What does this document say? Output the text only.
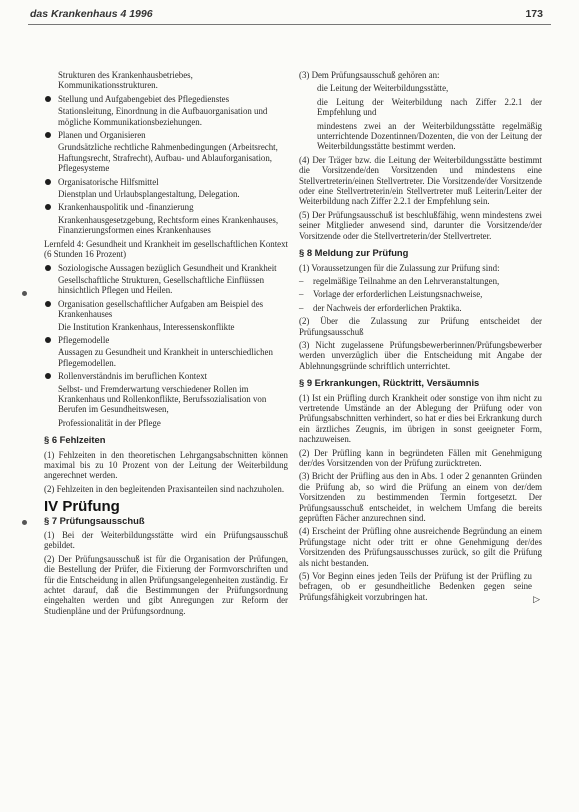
das Krankenhaus 4 1996	173
Strukturen des Krankenhausbetriebes,
Kommunikationsstrukturen.
Stellung und Aufgabengebiet des Pflegedienstes
Stationsleitung, Einordnung in die Aufbauorganisation und mögliche Kommunikationsbeziehungen.
Planen und Organisieren
Grundsätzliche rechtliche Rahmenbedingungen (Arbeitsrecht, Haftungsrecht, Strafrecht), Aufbau- und Ablauforganisation, Pflegesysteme
Organisatorische Hilfsmittel
Dienstplan und Urlaubsplangestaltung, Delegation.
Krankenhauspolitik und -finanzierung
Krankenhausgesetzgebung, Rechtsform eines Krankenhauses, Finanzierungsformen eines Krankenhauses
Lernfeld 4: Gesundheit und Krankheit im gesellschaftlichen Kontext (6 Stunden 16 Prozent)
Soziologische Aussagen bezüglich Gesundheit und Krankheit
Gesellschaftliche Strukturen, Gesellschaftliche Einflüssen hinsichtlich Pflegen und Heilen.
Organisation gesellschaftlicher Aufgaben am Beispiel des Krankenhauses
Die Institution Krankenhaus, Interessenskonflikte
Pflegemodelle
Aussagen zu Gesundheit und Krankheit in unterschiedlichen Pflegemodellen.
Rollenverständnis im beruflichen Kontext
Selbst- und Fremderwartung verschiedener Rollen im Krankenhaus und Rollenkonflikte, Berufssozialisation von Berufen im Gesundheitswesen,
Professionalität in der Pflege
§ 6 Fehlzeiten
(1) Fehlzeiten in den theoretischen Lehrgangsabschnitten können maximal bis zu 10 Prozent von der Leitung der Weiterbildung angerechnet werden.
(2) Fehlzeiten in den begleitenden Praxisanteilen sind nachzuholen.
IV Prüfung
§ 7 Prüfungsausschuß
(1) Bei der Weiterbildungsstätte wird ein Prüfungsausschuß gebildet.
(2) Der Prüfungsausschuß ist für die Organisation der Prüfungen, die Bestellung der Prüfer, die Fixierung der Formvorschriften und für die Entscheidung in allen Prüfungsangelegenheiten zuständig. Er achtet darauf, daß die Bestimmungen der Prüfungsordnung eingehalten werden und gibt Anregungen zur Reform der Studienpläne und der Prüfungsordnung.
(3) Dem Prüfungsausschuß gehören an:
die Leitung der Weiterbildungsstätte,
die Leitung der Weiterbildung nach Ziffer 2.2.1 der Empfehlung und
mindestens zwei an der Weiterbildungsstätte regelmäßig unterrichtende Dozentinnen/Dozenten, die von der Leitung der Weiterbildungsstätte bestimmt werden.
(4) Der Träger bzw. die Leitung der Weiterbildungsstätte bestimmt die Vorsitzende/den Vorsitzenden und mindestens eine Stellvertreterin/einen Stellvertreter. Die Vorsitzende/der Vorsitzende oder eine Stellvertreterin/ein Stellvertreter muß Leiterin/Leiter der Weiterbildung nach Ziffer 2.2.1 der Empfehlung sein.
(5) Der Prüfungsausschuß ist beschlußfähig, wenn mindestens zwei seiner Mitglieder anwesend sind, darunter die Vorsitzende/der Vorsitzende oder die Stellvertreterin/der Stellvertreter.
§ 8 Meldung zur Prüfung
(1) Voraussetzungen für die Zulassung zur Prüfung sind:
– regelmäßige Teilnahme an den Lehrveranstaltungen,
– Vorlage der erforderlichen Leistungsnachweise,
– der Nachweis der erforderlichen Praktika.
(2) Über die Zulassung zur Prüfung entscheidet der Prüfungsausschuß
(3) Nicht zugelassene Prüfungsbewerberinnen/Prüfungsbewerber werden unverzüglich über die Entscheidung mit Angabe der Ablehnungsgründe schriftlich unterrichtet.
§ 9 Erkrankungen, Rücktritt, Versäumnis
(1) Ist ein Prüfling durch Krankheit oder sonstige von ihm nicht zu vertretende Umstände an der Ablegung der Prüfung oder von Prüfungsabschnitten verhindert, so hat er dies bei Erkrankung durch ein ärztliches Zeugnis, im übrigen in sonst geeigneter Form, nachzuweisen.
(2) Der Prüfling kann in begründeten Fällen mit Genehmigung der/des Vorsitzenden von der Prüfung zurücktreten.
(3) Bricht der Prüfling aus den in Abs. 1 oder 2 genannten Gründen die Prüfung ab, so wird die Prüfung an einem von der/dem Vorsitzenden zu bestimmenden Termin fortgesetzt. Der Prüfungsausschuß entscheidet, in welchem Umfang die bereits geprüften Fächer anzurechnen sind.
(4) Erscheint der Prüfling ohne ausreichende Begründung an einem Prüfungstage nicht oder tritt er ohne Genehmigung der/des Vorsitzenden des Prüfungsausschusses zurück, so gilt die Prüfung als nicht bestanden.
(5) Vor Beginn eines jeden Teils der Prüfung ist der Prüfling zu befragen, ob er gesundheitliche Bedenken gegen seine Prüfungsfähigkeit vorzubringen hat.	▷
